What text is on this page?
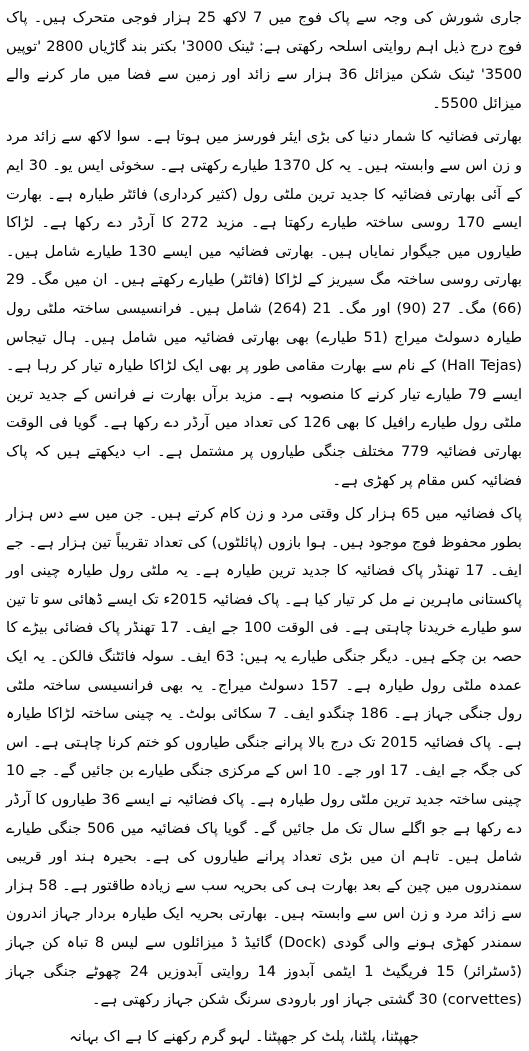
جاری شورش کی وجہ سے پاک فوج میں 7 لاکھ 25 ہزار فوجی متحرک ہیں۔ پاک فوج درج ذیل اہم روایتی اسلحہ رکھتی ہے: ٹینک 3000' بکتر بند گاڑیاں 2800 'توپیں 3500' ٹینک شکن میزائل 36 ہزار سے زائد اور زمین سے فضا میں مار کرنے والے میزائل 5500۔

بھارتی فضائیہ کا شمار دنیا کی بڑی ایئر فورسز میں ہوتا ہے۔ سوا لاکھ سے زائد مرد و زن اس سے وابستہ ہیں۔ یہ کل 1370 طیارے رکھتی ہے۔ سخوئی ایس یو۔ 30 ایم کے آئی بھارتی فضائیہ کا جدید ترین ملٹی رول (کثیر کرداری) فائٹر طیارہ ہے۔ بھارت ایسے 170 روسی ساختہ طیارے رکھتا ہے۔ مزید 272 کا آرڈر دے رکھا ہے۔ لڑاکا طیاروں میں جیگوار نمایاں ہیں۔ بھارتی فضائیہ میں ایسے 130 طیارے شامل ہیں۔ بھارتی روسی ساختہ مگ سیریز کے لڑاکا (فائٹر) طیارے رکھتے ہیں۔ ان میں مگ۔ 29 (66) مگ۔ 27 (90) اور مگ۔ 21 (264) شامل ہیں۔ فرانسیسی ساختہ ملٹی رول طیارہ دسولٹ میراج (51 طیارے) بھی بھارتی فضائیہ میں شامل ہیں۔ ہال تیجاس (Hall Tejas) کے نام سے بھارت مقامی طور پر بھی ایک لڑاکا طیارہ تیار کر رہا ہے۔ ایسے 79 طیارے تیار کرنے کا منصوبہ ہے۔ مزید برآں بھارت نے فرانس کے جدید ترین ملٹی رول طیارے رافیل کا بھی 126 کی تعداد میں آرڈر دے رکھا ہے۔ گویا فی الوقت بھارتی فضائیہ 779 مختلف جنگی طیاروں پر مشتمل ہے۔ اب دیکھتے ہیں کہ پاک فضائیہ کس مقام پر کھڑی ہے۔

پاک فضائیہ میں 65 ہزار کل وقتی مرد و زن کام کرتے ہیں۔ جن میں سے دس ہزار بطور محفوظ فوج موجود ہیں۔ ہوا بازوں (پائلٹوں) کی تعداد تقریباً تین ہزار ہے۔ جے ایف۔ 17 تھنڈر پاک فضائیہ کا جدید ترین طیارہ ہے۔ یہ ملٹی رول طیارہ چینی اور پاکستانی ماہرین نے مل کر تیار کیا ہے۔ پاک فضائیہ 2015ء تک ایسے ڈھائی سو تا تین سو طیارے خریدنا چاہتی ہے۔ فی الوقت 100 جے ایف۔ 17 تھنڈر پاک فضائی بیڑے کا حصہ بن چکے ہیں۔ دیگر جنگی طیارے یہ ہیں: 63 ایف۔ سولہ فائٹنگ فالکن۔ یہ ایک عمدہ ملٹی رول طیارہ ہے۔ 157 دسولٹ میراج۔ یہ بھی فرانسیسی ساختہ ملٹی رول جنگی جہاز ہے۔ 186 چنگدو ایف۔ 7 سکائی بولٹ۔ یہ چینی ساختہ لڑاکا طیارہ ہے۔ پاک فضائیہ 2015 تک درج بالا پرانے جنگی طیاروں کو ختم کرنا چاہتی ہے۔ اس کی جگہ جے ایف۔ 17 اور جے۔ 10 اس کے مرکزی جنگی طیارے بن جائیں گے۔ جے 10 چینی ساختہ جدید ترین ملٹی رول طیارہ ہے۔ پاک فضائیہ نے ایسے 36 طیاروں کا آرڈر دے رکھا ہے جو اگلے سال تک مل جائیں گے۔ گویا پاک فضائیہ میں 506 جنگی طیارے شامل ہیں۔ تاہم ان میں بڑی تعداد پرانے طیاروں کی ہے۔ بحیرہ ہند اور قریبی سمندروں میں چین کے بعد بھارت ہی کی بحریہ سب سے زیادہ طاقتور ہے۔ 58 ہزار سے زائد مرد و زن اس سے وابستہ ہیں۔ بھارتی بحریہ ایک طیارہ بردار جہاز اندرون سمندر کھڑی ہونے والی گودی (Dock) گائیڈ ڈ میزائلوں سے لیس 8 تباہ کن جہاز (ڈسٹرائر) 15 فریگیٹ 1 ایٹمی آبدوز 14 روایتی آبدوزیں 24 چھوٹے جنگی جہاز (corvettes) 30 گشتی جہاز اور بارودی سرنگ شکن جہاز رکھتی ہے۔

جھپٹنا، پلٹنا، پلٹ کر جھپٹنا۔ لہو گرم رکھنے کا ہے اک بہانہ
